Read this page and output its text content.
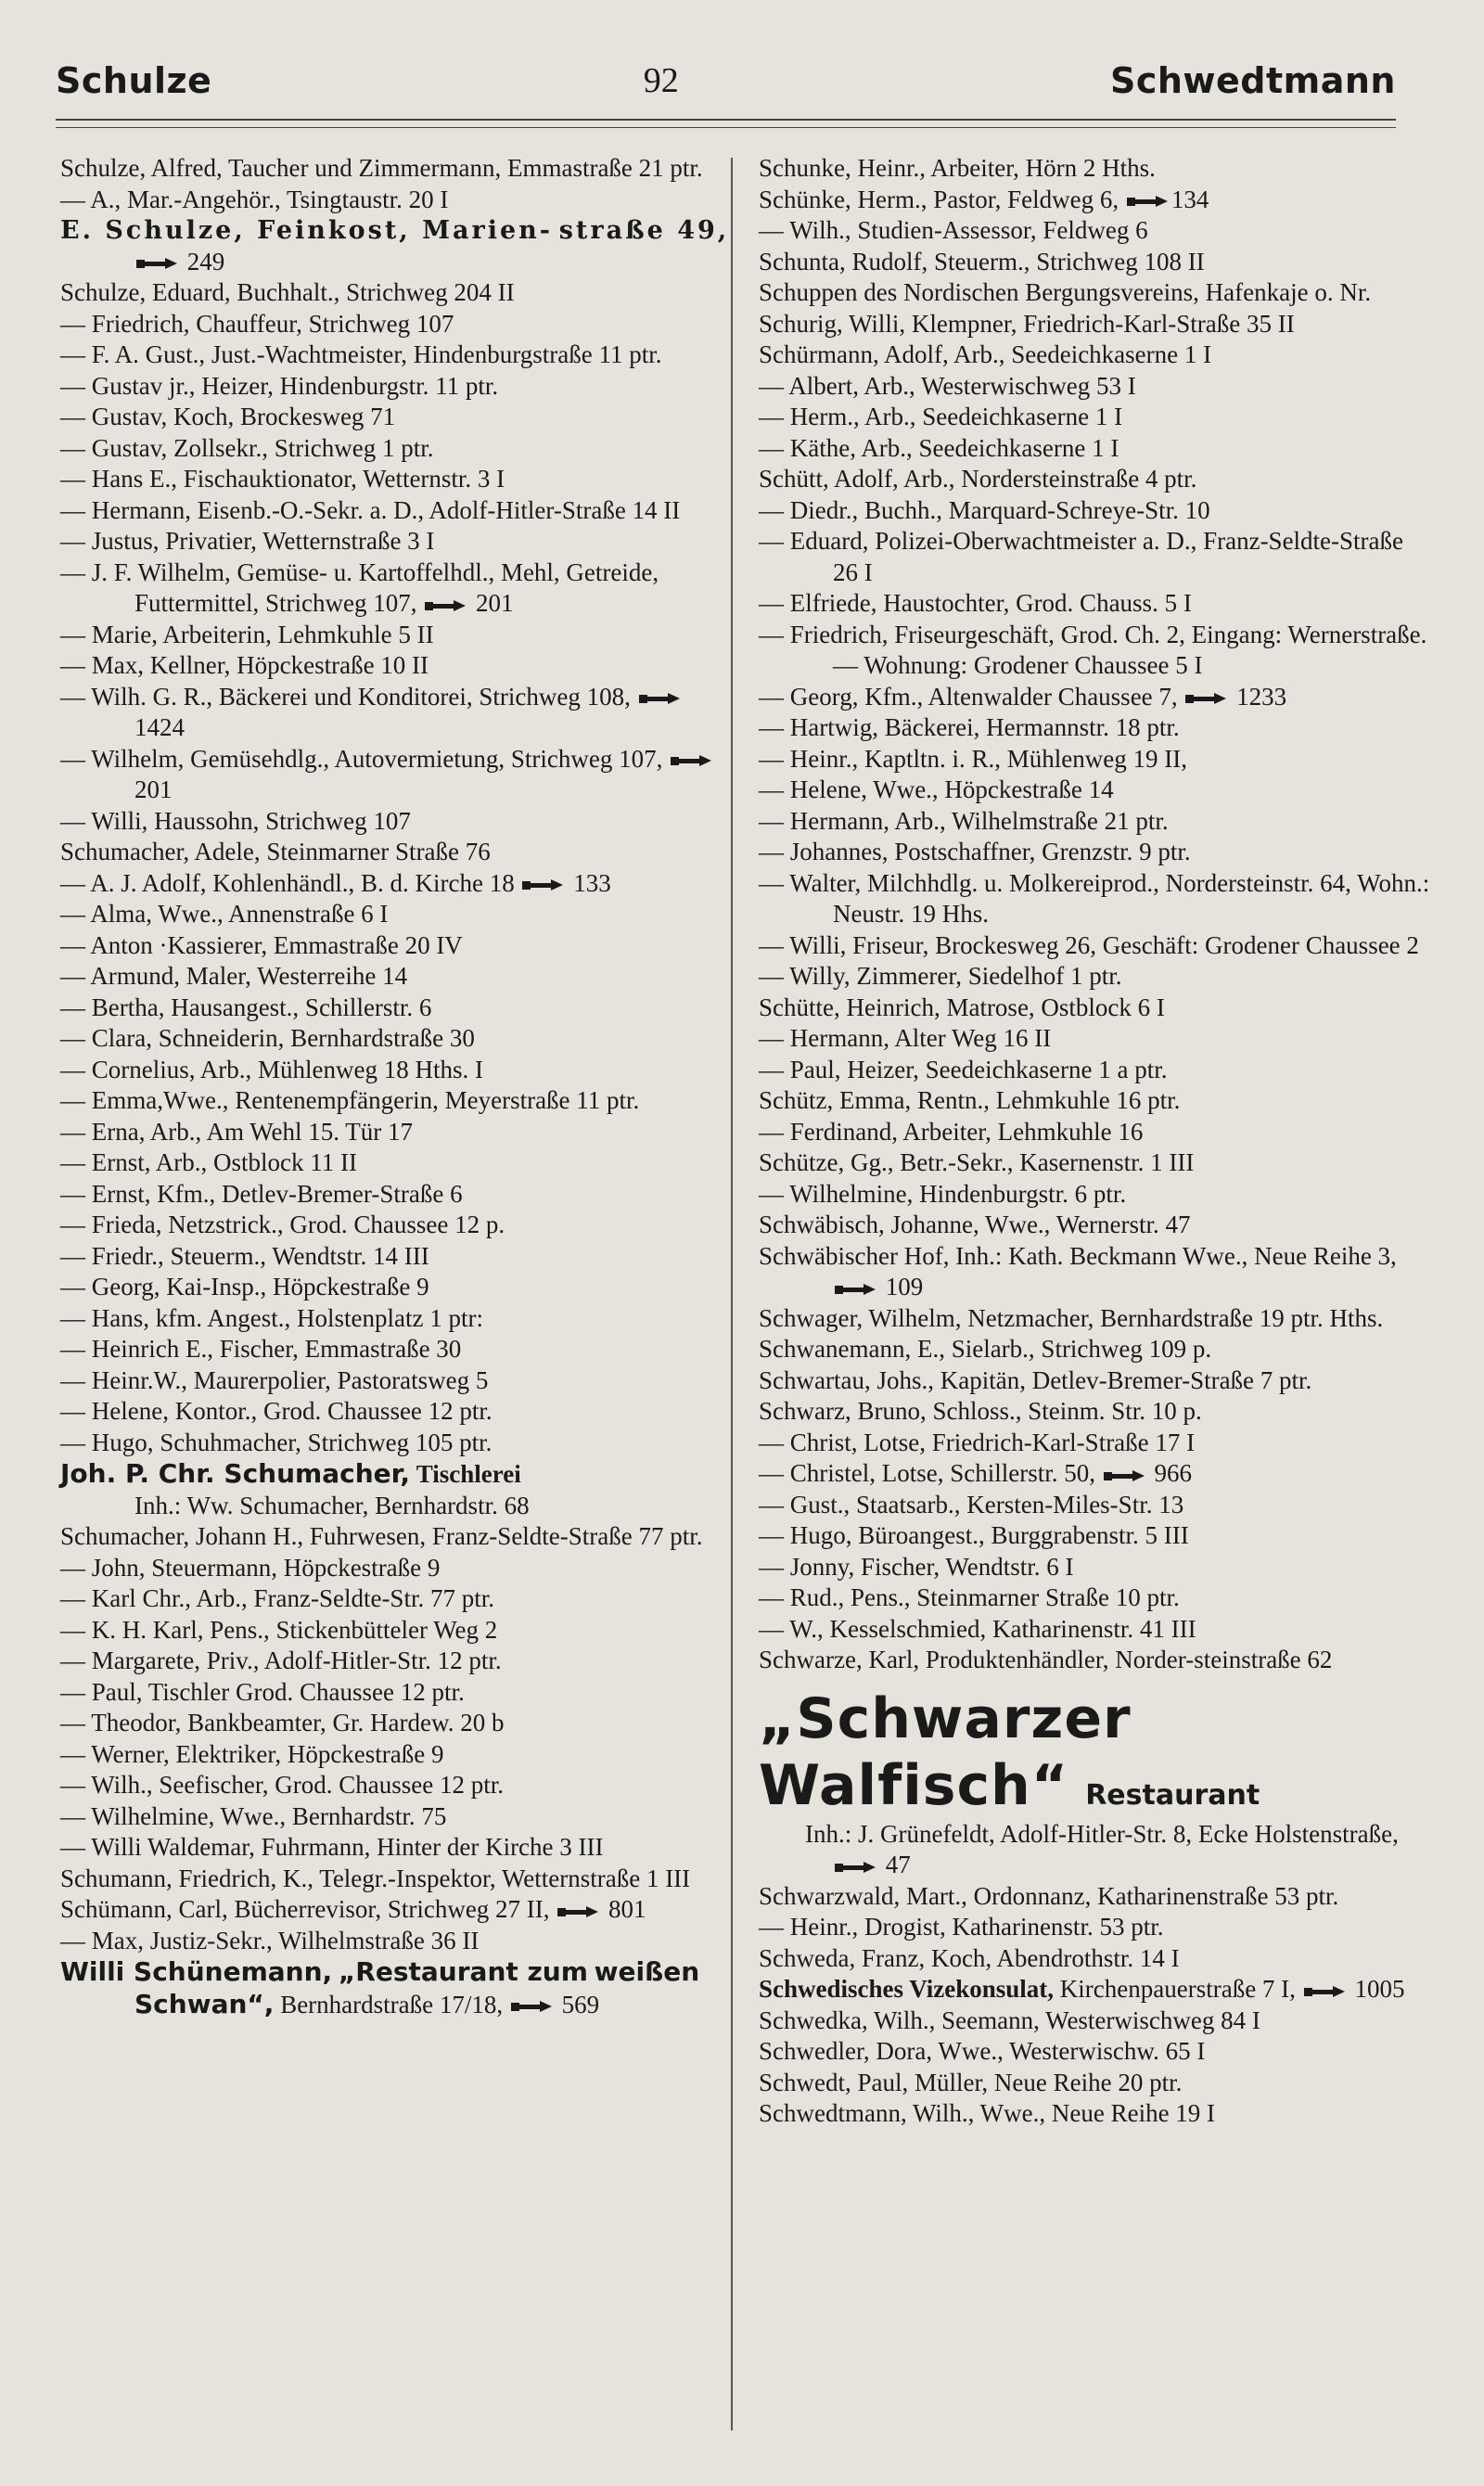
Schulze	92	Schwedtmann
Schulze, Alfred, Taucher und Zimmermann, Emmastraße 21 ptr.
— A., Mar.-Angehör., Tsingtaustr. 20 I
E. Schulze, Feinkost, Marien- straße 49,
249
Schulze, Eduard, Buchhalt., Strichweg 204 II
— Friedrich, Chauffeur, Strichweg 107
— F. A. Gust., Just.-Wachtmeister, Hindenburgstraße 11 ptr.
— Gustav jr., Heizer, Hindenburgstr. 11 ptr.
— Gustav, Koch, Brockesweg 71
— Gustav, Zollsekr., Strichweg 1 ptr.
— Hans E., Fischauktionator, Wetternstr. 3 I
— Hermann, Eisenb.-O.-Sekr. a. D., Adolf-Hitler-Straße 14 II
— Justus, Privatier, Wetternstraße 3 I
— J. F. Wilhelm, Gemüse- u. Kartoffelhdl., Mehl, Getreide, Futtermittel, Strichweg 107, 201
— Marie, Arbeiterin, Lehmkuhle 5 II
— Max, Kellner, Höpckestraße 10 II
— Wilh. G. R., Bäckerei und Konditorei, Strichweg 108,
1424
— Wilhelm, Gemüsehdlg., Autovermietung, Strichweg 107,
201
— Willi, Haussohn, Strichweg 107
Schumacher, Adele, Steinmarner Straße 76
— A. J. Adolf, Kohlenhändl., B. d. Kirche 18 133
— Alma, Wwe., Annenstraße 6 I
— Anton ·Kassierer, Emmastraße 20 IV
— Armund, Maler, Westerreihe 14
— Bertha, Hausangest., Schillerstr. 6
— Clara, Schneiderin, Bernhardstraße 30
— Cornelius, Arb., Mühlenweg 18 Hths. I
— Emma,Wwe., Rentenempfängerin, Meyerstraße 11 ptr.
— Erna, Arb., Am Wehl 15. Tür 17
— Ernst, Arb., Ostblock 11 II
— Ernst, Kfm., Detlev-Bremer-Straße 6
— Frieda, Netzstrick., Grod. Chaussee 12 p.
— Friedr., Steuerm., Wendtstr. 14 III
— Georg, Kai-Insp., Höpckestraße 9
— Hans, kfm. Angest., Holstenplatz 1 ptr:
— Heinrich E., Fischer, Emmastraße 30
— Heinr.W., Maurerpolier, Pastoratsweg 5
— Helene, Kontor., Grod. Chaussee 12 ptr.
— Hugo, Schuhmacher, Strichweg 105 ptr.
Joh. P. Chr. Schumacher, Tischlerei
Inh.: Ww. Schumacher, Bernhardstr. 68
Schumacher, Johann H., Fuhrwesen, Franz-Seldte-Straße 77 ptr.
— John, Steuermann, Höpckestraße 9
— Karl Chr., Arb., Franz-Seldte-Str. 77 ptr.
— K. H. Karl, Pens., Stickenbütteler Weg 2
— Margarete, Priv., Adolf-Hitler-Str. 12 ptr.
— Paul, Tischler Grod. Chaussee 12 ptr.
— Theodor, Bankbeamter, Gr. Hardew. 20 b
— Werner, Elektriker, Höpckestraße 9
— Wilh., Seefischer, Grod. Chaussee 12 ptr.
— Wilhelmine, Wwe., Bernhardstr. 75
— Willi Waldemar, Fuhrmann, Hinter der Kirche 3 III
Schumann, Friedrich, K., Telegr.-Inspektor, Wetternstraße 1 III
Schümann, Carl, Bücherrevisor, Strichweg 27 II, 801
— Max, Justiz-Sekr., Wilhelmstraße 36 II
Willi Schünemann, „Restaurant zum weißen Schwan“, Bernhardstraße 17/18, 569
Schunke, Heinr., Arbeiter, Hörn 2 Hths.
Schünke, Herm., Pastor, Feldweg 6, 134
— Wilh., Studien-Assessor, Feldweg 6
Schunta, Rudolf, Steuerm., Strichweg 108 II
Schuppen des Nordischen Bergungsvereins, Hafenkaje o. Nr.
Schurig, Willi, Klempner, Friedrich-Karl-Straße 35 II
Schürmann, Adolf, Arb., Seedeichkaserne 1 I
— Albert, Arb., Westerwischweg 53 I
— Herm., Arb., Seedeichkaserne 1 I
— Käthe, Arb., Seedeichkaserne 1 I
Schütt, Adolf, Arb., Nordersteinstraße 4 ptr.
— Diedr., Buchh., Marquard-Schreye-Str. 10
— Eduard, Polizei-Oberwachtmeister a. D., Franz-Seldte-Straße 26 I
— Elfriede, Haustochter, Grod. Chauss. 5 I
— Friedrich, Friseurgeschäft, Grod. Ch. 2, Eingang: Wernerstraße. — Wohnung: Grodener Chaussee 5 I
— Georg, Kfm., Altenwalder Chaussee 7, 1233
— Hartwig, Bäckerei, Hermannstr. 18 ptr.
— Heinr., Kaptltn. i. R., Mühlenweg 19 II,
— Helene, Wwe., Höpckestraße 14
— Hermann, Arb., Wilhelmstraße 21 ptr.
— Johannes, Postschaffner, Grenzstr. 9 ptr.
— Walter, Milchhdlg. u. Molkereiprod., Nordersteinstr. 64, Wohn.: Neustr. 19 Hhs.
— Willi, Friseur, Brockesweg 26, Geschäft: Grodener Chaussee 2
— Willy, Zimmerer, Siedelhof 1 ptr.
Schütte, Heinrich, Matrose, Ostblock 6 I
— Hermann, Alter Weg 16 II
— Paul, Heizer, Seedeichkaserne 1 a ptr.
Schütz, Emma, Rentn., Lehmkuhle 16 ptr.
— Ferdinand, Arbeiter, Lehmkuhle 16
Schütze, Gg., Betr.-Sekr., Kasernenstr. 1 III
— Wilhelmine, Hindenburgstr. 6 ptr.
Schwäbisch, Johanne, Wwe., Wernerstr. 47
Schwäbischer Hof, Inh.: Kath. Beckmann Wwe., Neue Reihe 3,
109
Schwager, Wilhelm, Netzmacher, Bernhardstraße 19 ptr. Hths.
Schwanemann, E., Sielarb., Strichweg 109 p.
Schwartau, Johs., Kapitän, Detlev-Bremer-Straße 7 ptr.
Schwarz, Bruno, Schloss., Steinm. Str. 10 p.
— Christ, Lotse, Friedrich-Karl-Straße 17 I
— Christel, Lotse, Schillerstr. 50, 966
— Gust., Staatsarb., Kersten-Miles-Str. 13
— Hugo, Büroangest., Burggrabenstr. 5 III
— Jonny, Fischer, Wendtstr. 6 I
— Rud., Pens., Steinmarner Straße 10 ptr.
— W., Kesselschmied, Katharinenstr. 41 III
Schwarze, Karl, Produktenhändler, Norder-steinstraße 62
„Schwarzer Walfisch“ Restaurant
Inh.: J. Grünefeldt, Adolf-Hitler-Str. 8, Ecke Holstenstraße,
47
Schwarzwald, Mart., Ordonnanz, Katharinenstraße 53 ptr.
— Heinr., Drogist, Katharinenstr. 53 ptr.
Schweda, Franz, Koch, Abendrothstr. 14 I
Schwedisches Vizekonsulat, Kirchenpauerstraße 7 I, 1005
Schwedka, Wilh., Seemann, Westerwischweg 84 I
Schwedler, Dora, Wwe., Westerwischw. 65 I
Schwedt, Paul, Müller, Neue Reihe 20 ptr.
Schwedtmann, Wilh., Wwe., Neue Reihe 19 I
